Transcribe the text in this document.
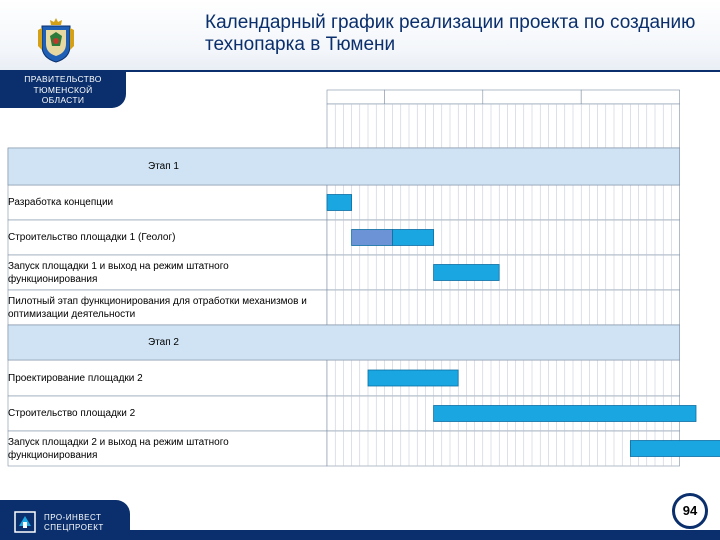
Календарный график реализации проекта по созданию
технопарка в Тюмени
ПРАВИТЕЛЬСТВО
ТЮМЕНСКОЙ
ОБЛАСТИ
Этап 1
Разработка концепции
Строительство площадки 1 (Геолог)
Запуск площадки 1 и выход на режим штатного функционирования
Пилотный этап функционирования для отработки механизмов и оптимизации деятельности
Этап 2
Проектирование площадки 2
Строительство площадки 2
Запуск площадки 2 и выход на режим штатного функционирования
ПРО-ИНВЕСТ
СПЕЦПРОЕКТ
94
